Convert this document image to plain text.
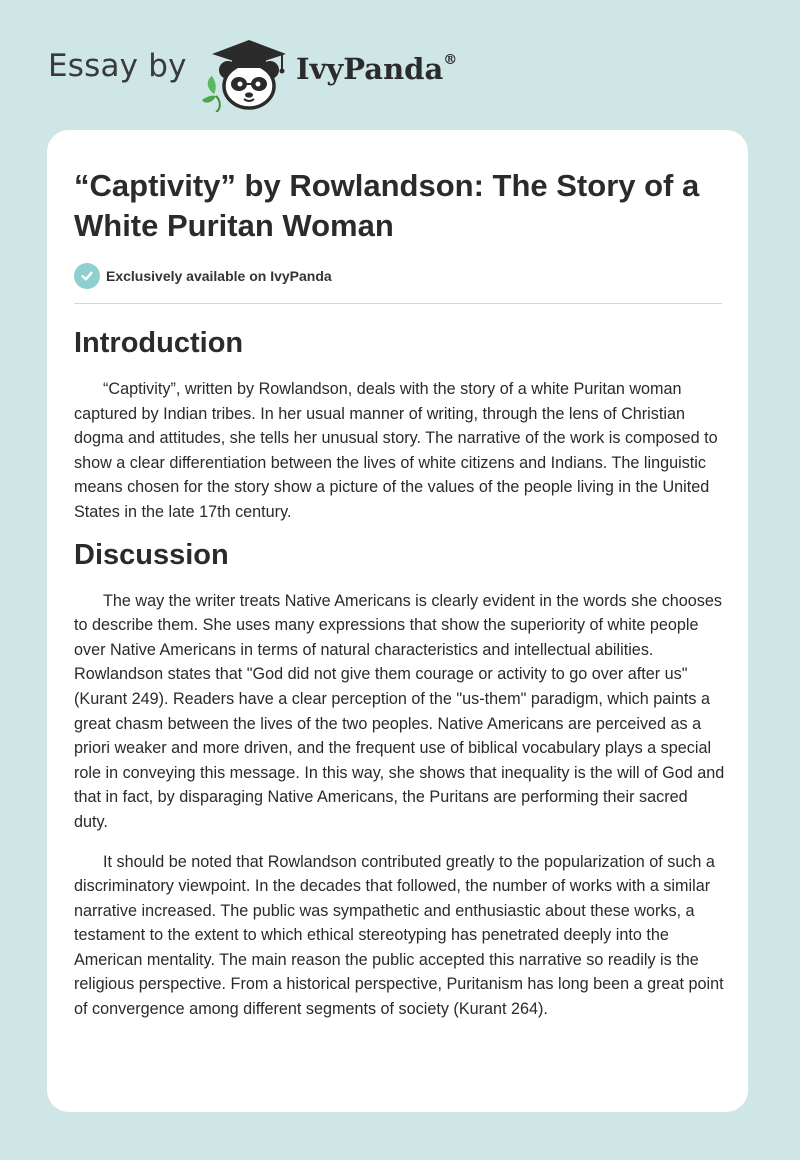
Essay by	IvyPanda®
“Captivity” by Rowlandson: The Story of a White Puritan Woman
Exclusively available on IvyPanda
Introduction

“Captivity”, written by Rowlandson, deals with the story of a white Puritan woman captured by Indian tribes. In her usual manner of writing, through the lens of Christian dogma and attitudes, she tells her unusual story. The narrative of the work is composed to show a clear differentiation between the lives of white citizens and Indians. The linguistic means chosen for the story show a picture of the values of the people living in the United States in the late 17th century.

Discussion

The way the writer treats Native Americans is clearly evident in the words she chooses to describe them. She uses many expressions that show the superiority of white people over Native Americans in terms of natural characteristics and intellectual abilities. Rowlandson states that "God did not give them courage or activity to go over after us" (Kurant 249). Readers have a clear perception of the "us-them" paradigm, which paints a great chasm between the lives of the two peoples. Native Americans are perceived as a priori weaker and more driven, and the frequent use of biblical vocabulary plays a special role in conveying this message. In this way, she shows that inequality is the will of God and that in fact, by disparaging Native Americans, the Puritans are performing their sacred duty.

It should be noted that Rowlandson contributed greatly to the popularization of such a discriminatory viewpoint. In the decades that followed, the number of works with a similar narrative increased. The public was sympathetic and enthusiastic about these works, a testament to the extent to which ethical stereotyping has penetrated deeply into the American mentality. The main reason the public accepted this narrative so readily is the religious perspective. From a historical perspective, Puritanism has long been a great point of convergence among different segments of society (Kurant 264).
